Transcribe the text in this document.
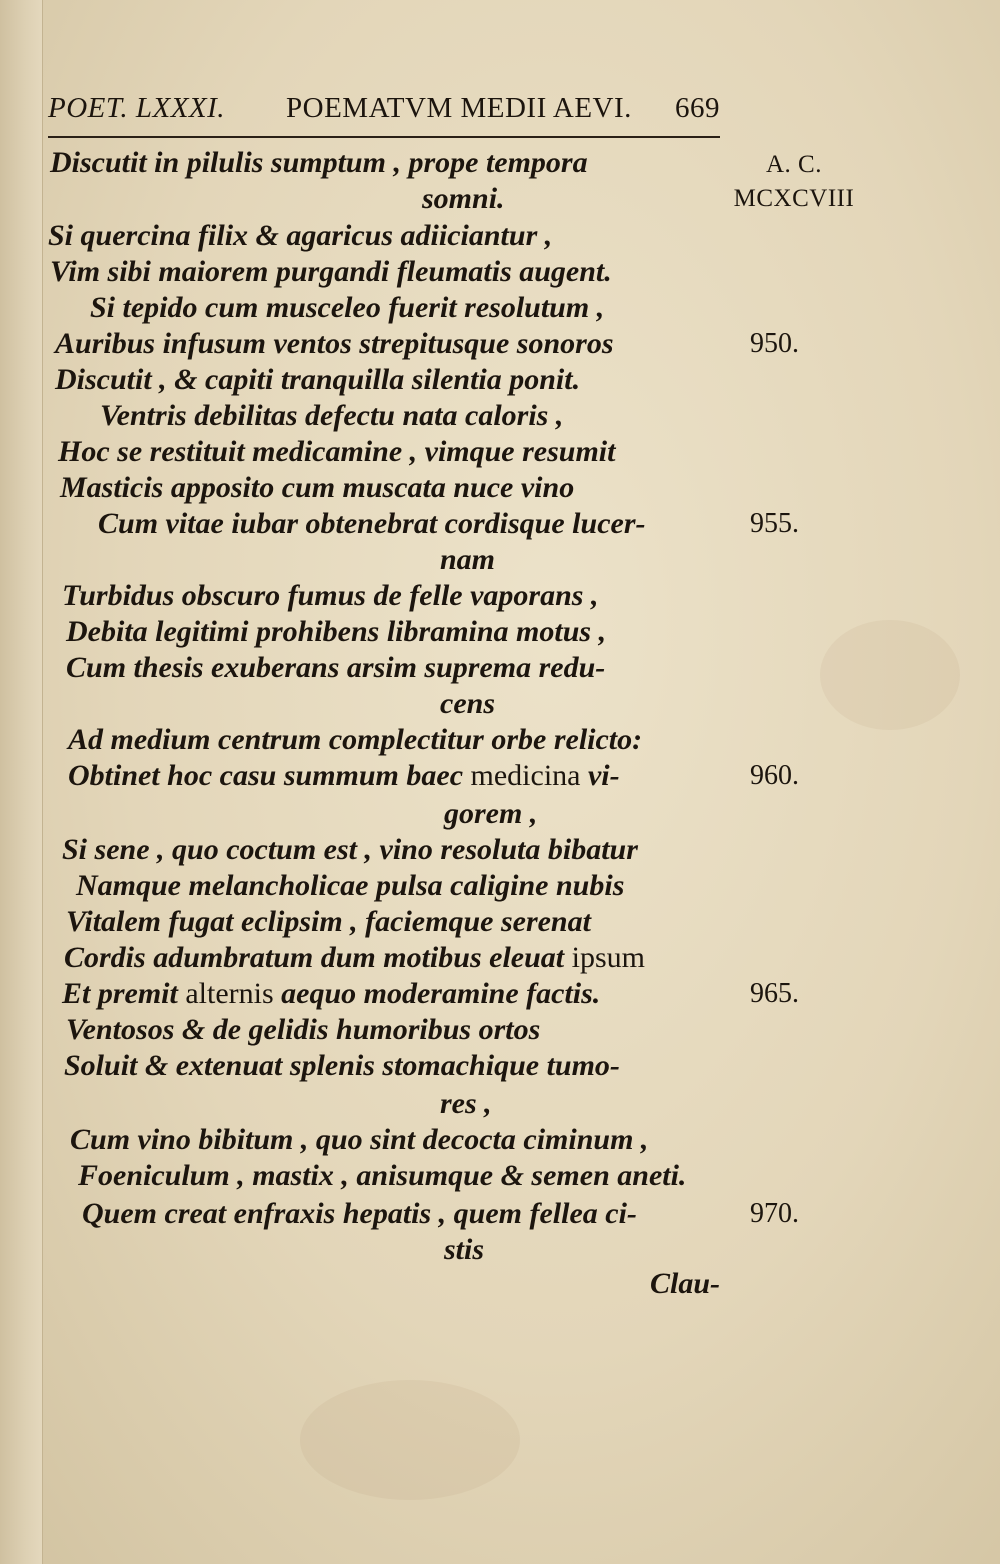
POET. LXXXI. POEMATVM MEDII AEVI. 669
A. C.
MCXCVIII
Discutit in pilulis sumptum , prope tempora
somni.
Si quercina filix & agaricus adiiciantur ,
Vim sibi maiorem purgandi fleumatis augent.
Si tepido cum musceleo fuerit resolutum ,
Auribus infusum ventos strepitusque sonoros
Discutit , & capiti tranquilla silentia ponit.
Ventris debilitas defectu nata caloris ,
Hoc se restituit medicamine , vimque resumit
Masticis apposito cum muscata nuce vino
Cum vitae iubar obtenebrat cordisque lucer-
nam
Turbidus obscuro fumus de felle vaporans ,
Debita legitimi prohibens libramina motus ,
Cum thesis exuberans arsim suprema redu-
cens
Ad medium centrum complectitur orbe relicto:
Obtinet hoc casu summum baec medicina vi-
gorem ,
Si sene , quo coctum est , vino resoluta bibatur
Namque melancholicae pulsa caligine nubis
Vitalem fugat eclipsim , faciemque serenat
Cordis adumbratum dum motibus eleuat ipsum
Et premit alternis aequo moderamine factis.
Ventosos & de gelidis humoribus ortos
Soluit & extenuat splenis stomachique tumo-
res ,
Cum vino bibitum , quo sint decocta ciminum ,
Foeniculum , mastix , anisumque & semen aneti.
Quem creat enfraxis hepatis , quem fellea ci-
stis
950.
955.
960.
965.
970.
Clau-
